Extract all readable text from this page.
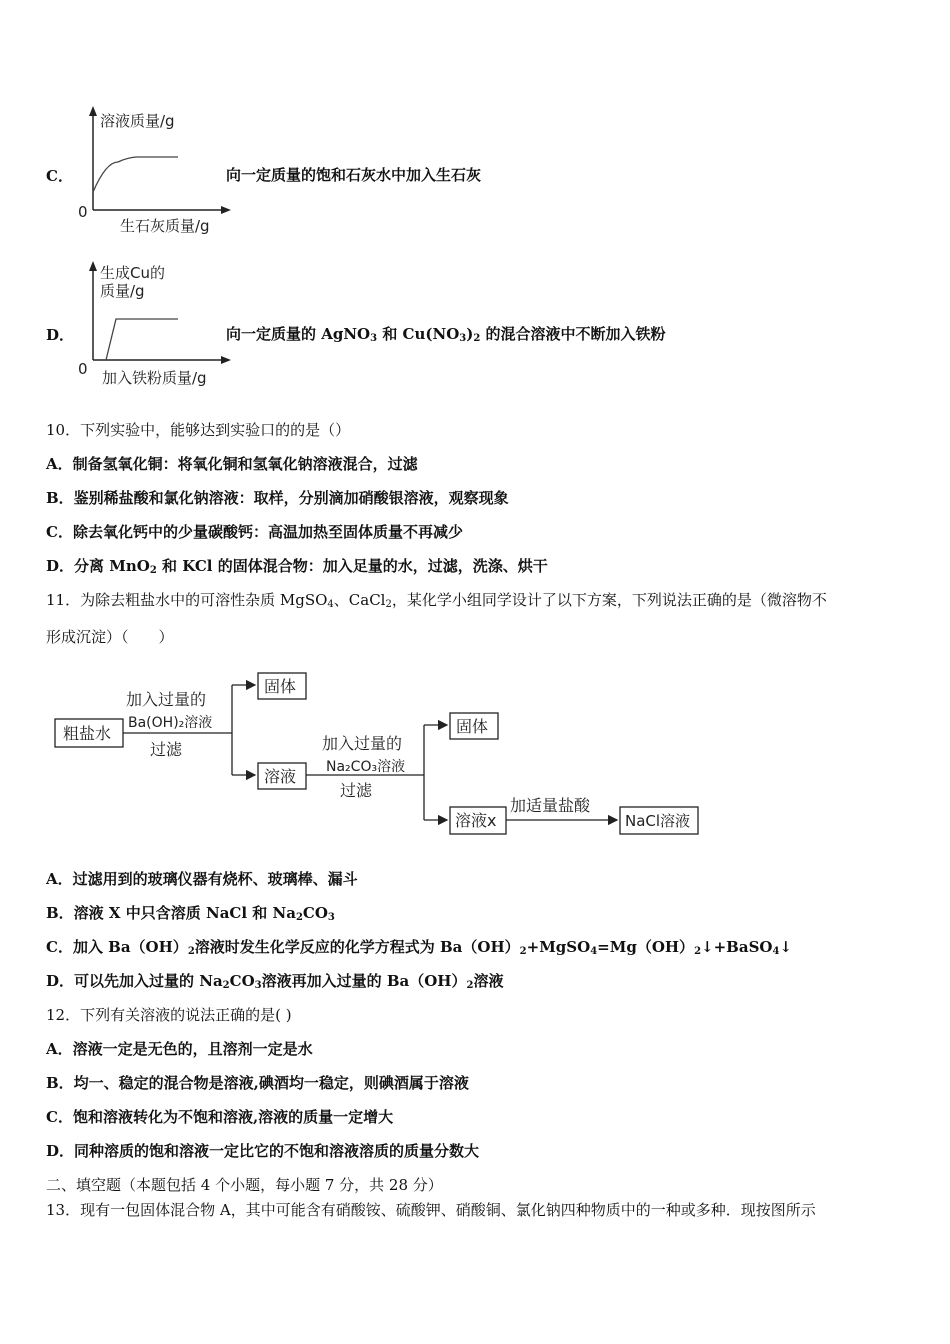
C．
溶液质量/g
0
生石灰质量/g
向一定质量的饱和石灰水中加入生石灰
D．
生成Cu的
质量/g
0 加入铁粉质量/g
向一定质量的 AgNO$_3$ 和 $Cu(NO_3)_2$ 的混合溶液中不断加入铁粉
10．下列实验中，能够达到实验口的的是（）
A．制备氢氧化铜：将氧化铜和氢氧化钠溶液混合，过滤
B．鉴别稀盐酸和氯化钠溶液：取样，分别滴加硝酸银溶液，观察现象
C．除去氧化钙中的少量碳酸钙：高温加热至固体质量不再减少
D．分离 MnO$_2$ 和 KCl 的固体混合物：加入足量的水，过滤，洗涤、烘干
11．为除去粗盐水中的可溶性杂质 MgSO$_4$、CaCl$_2$，某化学小组同学设计了以下方案，下列说法正确的是（微溶物不
形成沉淀）（　　）
粗盐水
加入过量的
Ba(OH)₂溶液
过滤
固体
溶液
加入过量的
Na₂CO₃溶液
过滤
固体
溶液x
加适量盐酸
NaCl溶液
A．过滤用到的玻璃仪器有烧杯、玻璃棒、漏斗
B．溶液 X 中只含溶质 NaCl 和 $Na_2CO_3$
C．加入 $Ba(OH)_2$溶液时发生化学反应的化学方程式为 $Ba(OH)_2+MgSO_4=Mg(OH)_2↓+BaSO_4↓$
D．可以先加入过量的 $Na_2CO_3$溶液再加入过量的 $Ba(OH)_2$溶液
12．下列有关溶液的说法正确的是( )
A．溶液一定是无色的，且溶剂一定是水
B．均一、稳定的混合物是溶液,碘酒均一稳定，则碘酒属于溶液
C．饱和溶液转化为不饱和溶液,溶液的质量一定增大
D．同种溶质的饱和溶液一定比它的不饱和溶液溶质的质量分数大
二、填空题（本题包括 4 个小题，每小题 7 分，共 28 分）
13．现有一包固体混合物 A，其中可能含有硝酸铵、硫酸钾、硝酸铜、氯化钠四种物质中的一种或多种．现按图所示
